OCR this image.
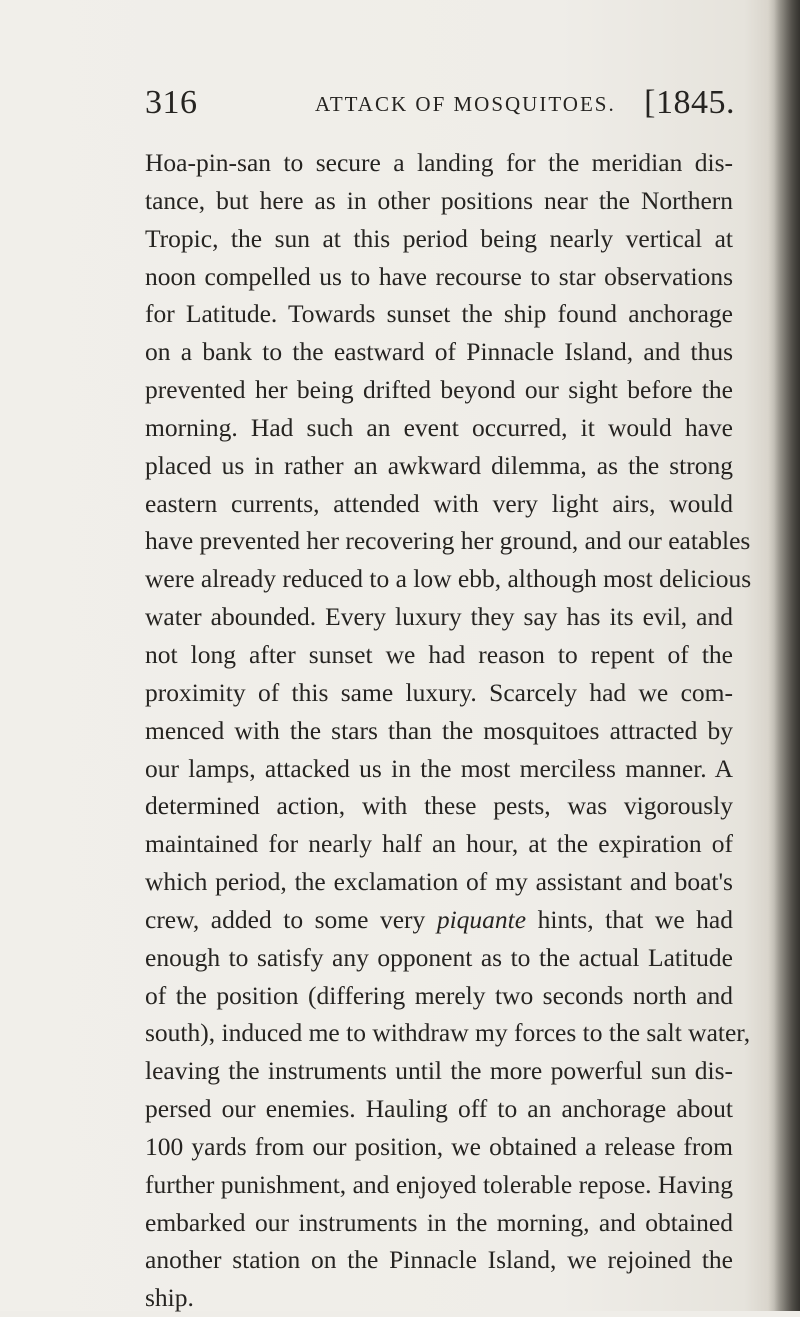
316	ATTACK OF MOSQUITOES. [1845.
Hoa-pin-san to secure a landing for the meridian dis-
tance, but here as in other positions near the Northern
Tropic, the sun at this period being nearly vertical at
noon compelled us to have recourse to star observations
for Latitude. Towards sunset the ship found anchorage
on a bank to the eastward of Pinnacle Island, and thus
prevented her being drifted beyond our sight before the
morning. Had such an event occurred, it would have
placed us in rather an awkward dilemma, as the strong
eastern currents, attended with very light airs, would
have prevented her recovering her ground, and our eatables
were already reduced to a low ebb, although most delicious
water abounded. Every luxury they say has its evil, and
not long after sunset we had reason to repent of the
proximity of this same luxury. Scarcely had we com-
menced with the stars than the mosquitoes attracted by
our lamps, attacked us in the most merciless manner. A
determined action, with these pests, was vigorously
maintained for nearly half an hour, at the expiration of
which period, the exclamation of my assistant and boat's
crew, added to some very piquante hints, that we had
enough to satisfy any opponent as to the actual Latitude
of the position (differing merely two seconds north and
south), induced me to withdraw my forces to the salt water,
leaving the instruments until the more powerful sun dis-
persed our enemies. Hauling off to an anchorage about
100 yards from our position, we obtained a release from
further punishment, and enjoyed tolerable repose. Having
embarked our instruments in the morning, and obtained
another station on the Pinnacle Island, we rejoined the
ship.
